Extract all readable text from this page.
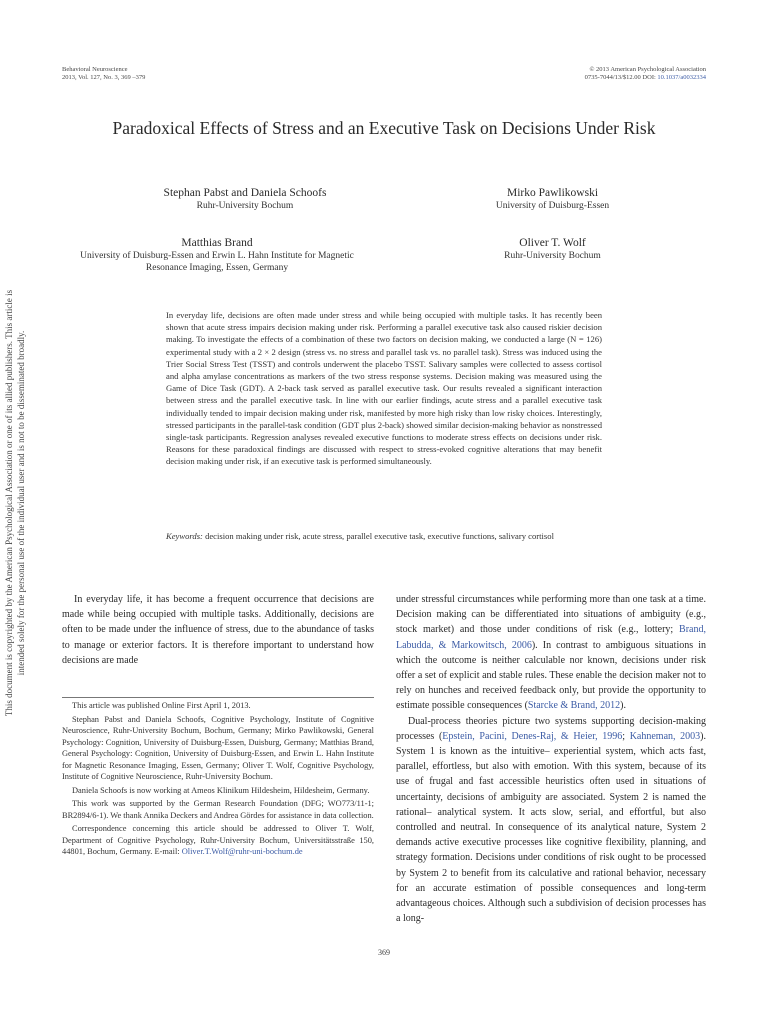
Behavioral Neuroscience
2013, Vol. 127, No. 3, 369 –379
© 2013 American Psychological Association
0735-7044/13/$12.00 DOI: 10.1037/a0032334
Paradoxical Effects of Stress and an Executive Task on Decisions Under Risk
Stephan Pabst and Daniela Schoofs
Ruhr-University Bochum
Mirko Pawlikowski
University of Duisburg-Essen
Matthias Brand
University of Duisburg-Essen and Erwin L. Hahn Institute for Magnetic Resonance Imaging, Essen, Germany
Oliver T. Wolf
Ruhr-University Bochum
In everyday life, decisions are often made under stress and while being occupied with multiple tasks. It has recently been shown that acute stress impairs decision making under risk. Performing a parallel executive task also caused riskier decision making. To investigate the effects of a combination of these two factors on decision making, we conducted a large (N = 126) experimental study with a 2 × 2 design (stress vs. no stress and parallel task vs. no parallel task). Stress was induced using the Trier Social Stress Test (TSST) and controls underwent the placebo TSST. Salivary samples were collected to assess cortisol and alpha amylase concentrations as markers of the two stress response systems. Decision making was measured using the Game of Dice Task (GDT). A 2-back task served as parallel executive task. Our results revealed a significant interaction between stress and the parallel executive task. In line with our earlier findings, acute stress and a parallel executive task individually tended to impair decision making under risk, manifested by more high risky than low risky choices. Interestingly, stressed participants in the parallel-task condition (GDT plus 2-back) showed similar decision-making behavior as nonstressed single-task participants. Regression analyses revealed executive functions to moderate stress effects on decisions under risk. Reasons for these paradoxical findings are discussed with respect to stress-evoked cognitive alterations that may benefit decision making under risk, if an executive task is performed simultaneously.
Keywords: decision making under risk, acute stress, parallel executive task, executive functions, salivary cortisol

In everyday life, it has become a frequent occurrence that decisions are made while being occupied with multiple tasks. Additionally, decisions are often to be made under the influence of stress, due to the abundance of tasks to manage or exterior factors. It is therefore important to understand how decisions are made

This article was published Online First April 1, 2013.

Stephan Pabst and Daniela Schoofs, Cognitive Psychology, Institute of Cognitive Neuroscience, Ruhr-University Bochum, Bochum, Germany; Mirko Pawlikowski, General Psychology: Cognition, University of Duisburg-Essen, Duisburg, Germany; Matthias Brand, General Psychology: Cognition, University of Duisburg-Essen, and Erwin L. Hahn Institute for Magnetic Resonance Imaging, Essen, Germany; Oliver T. Wolf, Cognitive Psychology, Institute of Cognitive Neuroscience, Ruhr-University Bochum.

Daniela Schoofs is now working at Ameos Klinikum Hildesheim, Hildesheim, Germany.

This work was supported by the German Research Foundation (DFG; WO773/11-1; BR2894/6-1). We thank Annika Deckers and Andrea Gördes for assistance in data collection.

Correspondence concerning this article should be addressed to Oliver T. Wolf, Department of Cognitive Psychology, Ruhr-University Bochum, Universitätsstraße 150, 44801, Bochum, Germany. E-mail: Oliver.T.Wolf@ruhr-uni-bochum.de

under stressful circumstances while performing more than one task at a time. Decision making can be differentiated into situations of ambiguity (e.g., stock market) and those under conditions of risk (e.g., lottery; Brand, Labudda, & Markowitsch, 2006). In contrast to ambiguous situations in which the outcome is neither calculable nor known, decisions under risk offer a set of explicit and stable rules. These enable the decision maker not to rely on hunches and received feedback only, but provide the opportunity to estimate possible consequences (Starcke & Brand, 2012).

Dual-process theories picture two systems supporting decision-making processes (Epstein, Pacini, Denes-Raj, & Heier, 1996; Kahneman, 2003). System 1 is known as the intuitive– experiential system, which acts fast, parallel, effortless, but also with emotion. With this system, because of its use of frugal and fast accessible heuristics often used in situations of uncertainty, decisions of ambiguity are associated. System 2 is named the rational– analytical system. It acts slow, serial, and effortful, but also controlled and neutral. In consequence of its analytical nature, System 2 demands active executive processes like cognitive flexibility, planning, and strategy formation. Decisions under conditions of risk ought to be processed by System 2 to benefit from its calculative and rational behavior, necessary for an accurate estimation of possible consequences and long-term advantageous choices. Although such a subdivision of decision processes has a long-

This document is copyrighted by the American Psychological Association or one of its allied publishers. This article is intended solely for the personal use of the individual user and is not to be disseminated broadly.
369
